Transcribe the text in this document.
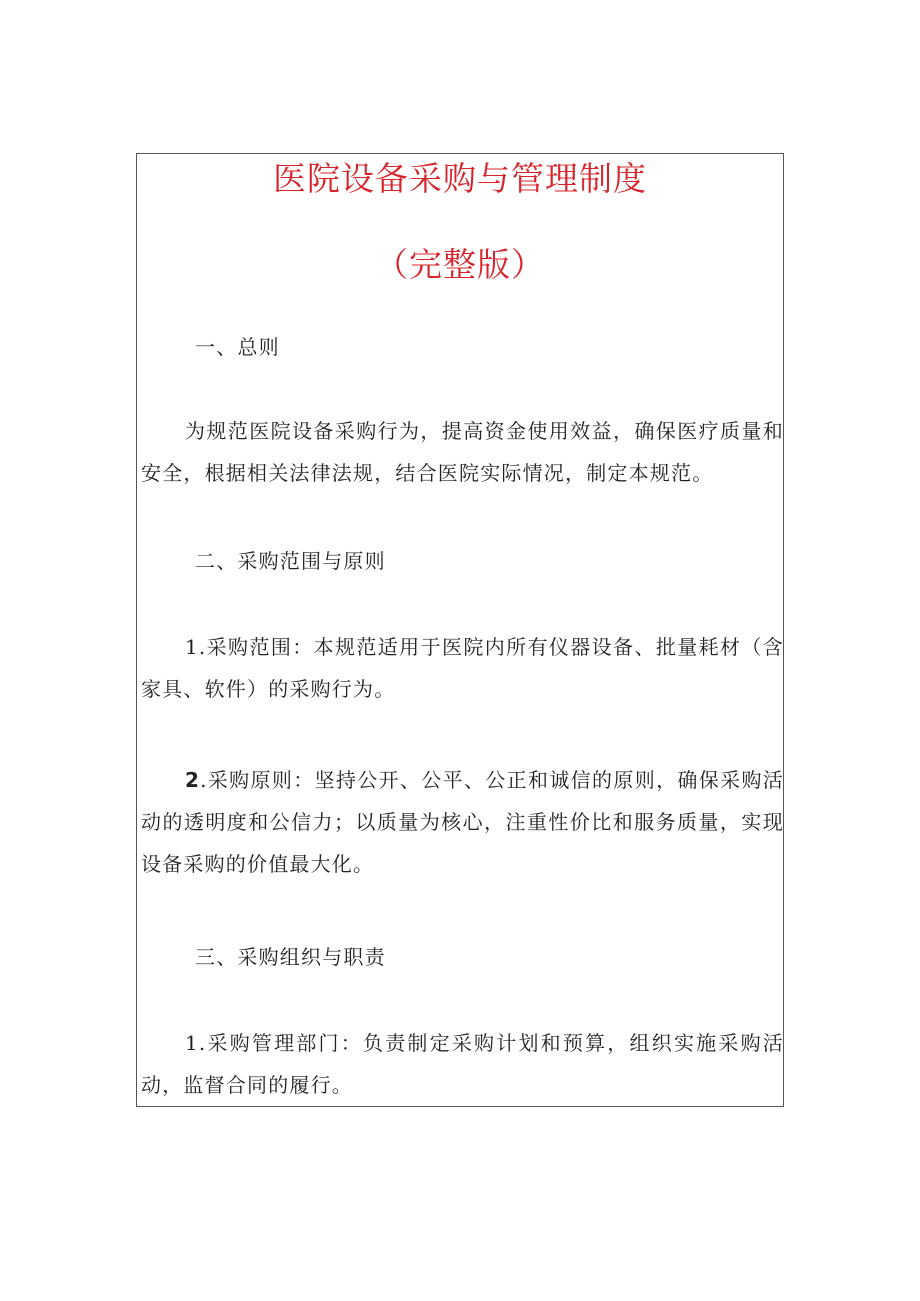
医院设备采购与管理制度
（完整版）

一、总则

为规范医院设备采购行为，提高资金使用效益，确保医疗质量和安全，根据相关法律法规，结合医院实际情况，制定本规范。

二、采购范围与原则

1.采购范围：本规范适用于医院内所有仪器设备、批量耗材（含家具、软件）的采购行为。

2.采购原则：坚持公开、公平、公正和诚信的原则，确保采购活动的透明度和公信力；以质量为核心，注重性价比和服务质量，实现设备采购的价值最大化。

三、采购组织与职责

1.采购管理部门：负责制定采购计划和预算，组织实施采购活动，监督合同的履行。
